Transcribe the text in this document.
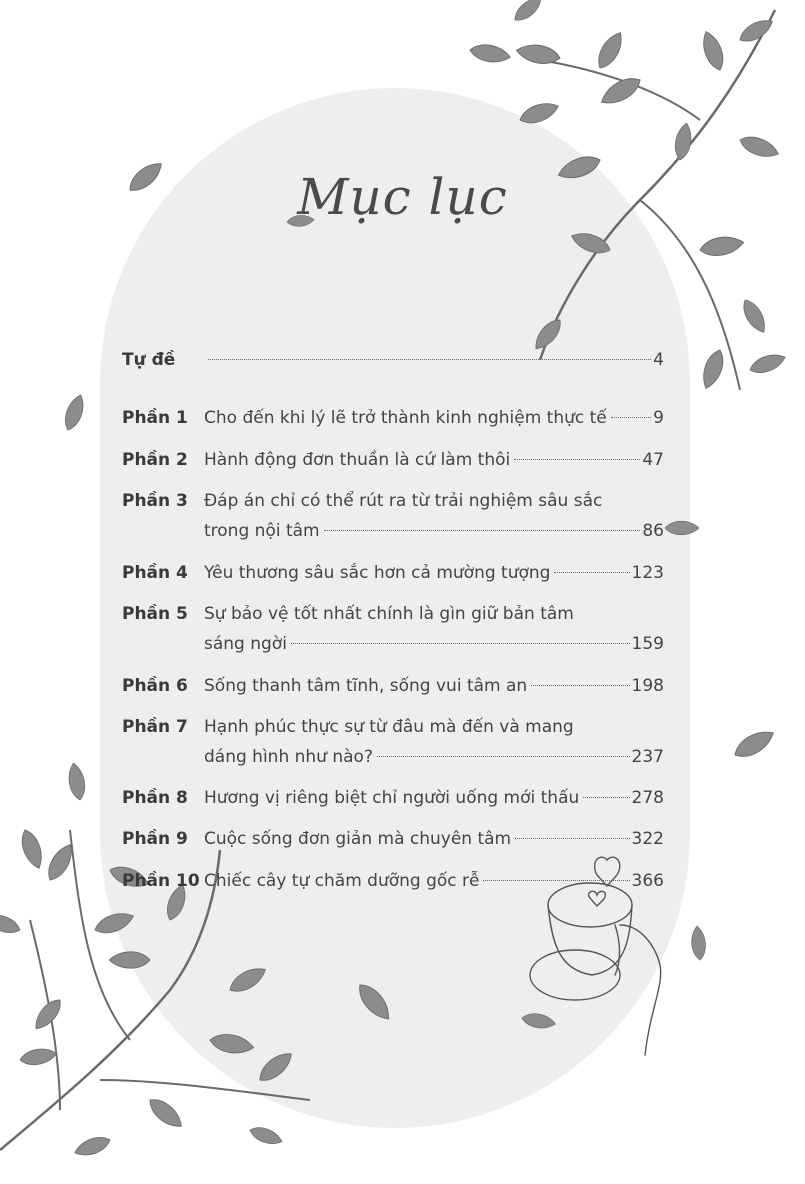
Mục lục
Tự đề	4
Phần 1 Cho đến khi lý lẽ trở thành kinh nghiệm thực tế	9
Phần 2 Hành động đơn thuần là cứ làm thôi	47
Phần 3 Đáp án chỉ có thể rút ra từ trải nghiệm sâu sắc
trong nội tâm	86
Phần 4 Yêu thương sâu sắc hơn cả mường tượng	123
Phần 5 Sự bảo vệ tốt nhất chính là gìn giữ bản tâm
sáng ngời	159
Phần 6 Sống thanh tâm tĩnh, sống vui tâm an	198
Phần 7 Hạnh phúc thực sự từ đâu mà đến và mang
dáng hình như nào?	237
Phần 8 Hương vị riêng biệt chỉ người uống mới thấu	278
Phần 9 Cuộc sống đơn giản mà chuyên tâm	322
Phần 10 Chiếc cây tự chăm dưỡng gốc rễ	366
